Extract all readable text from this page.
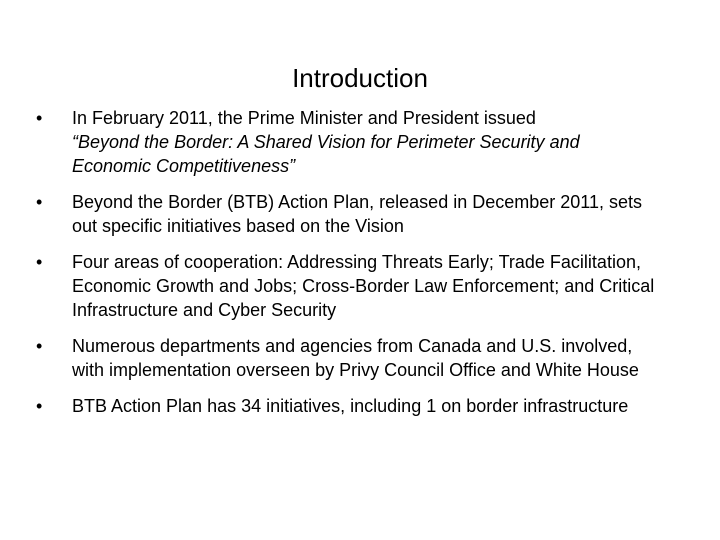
Introduction
•	In February 2011, the Prime Minister and President issued
“Beyond the Border: A Shared Vision for Perimeter Security and Economic Competitiveness”
•	Beyond the Border (BTB) Action Plan, released in December 2011, sets out specific initiatives based on the Vision
•	Four areas of cooperation: Addressing Threats Early; Trade Facilitation, Economic Growth and Jobs; Cross-Border Law Enforcement; and Critical Infrastructure and Cyber Security
•	Numerous departments and agencies from Canada and U.S. involved, with implementation overseen by Privy Council Office and White House
•	BTB Action Plan has 34 initiatives, including 1 on border infrastructure
